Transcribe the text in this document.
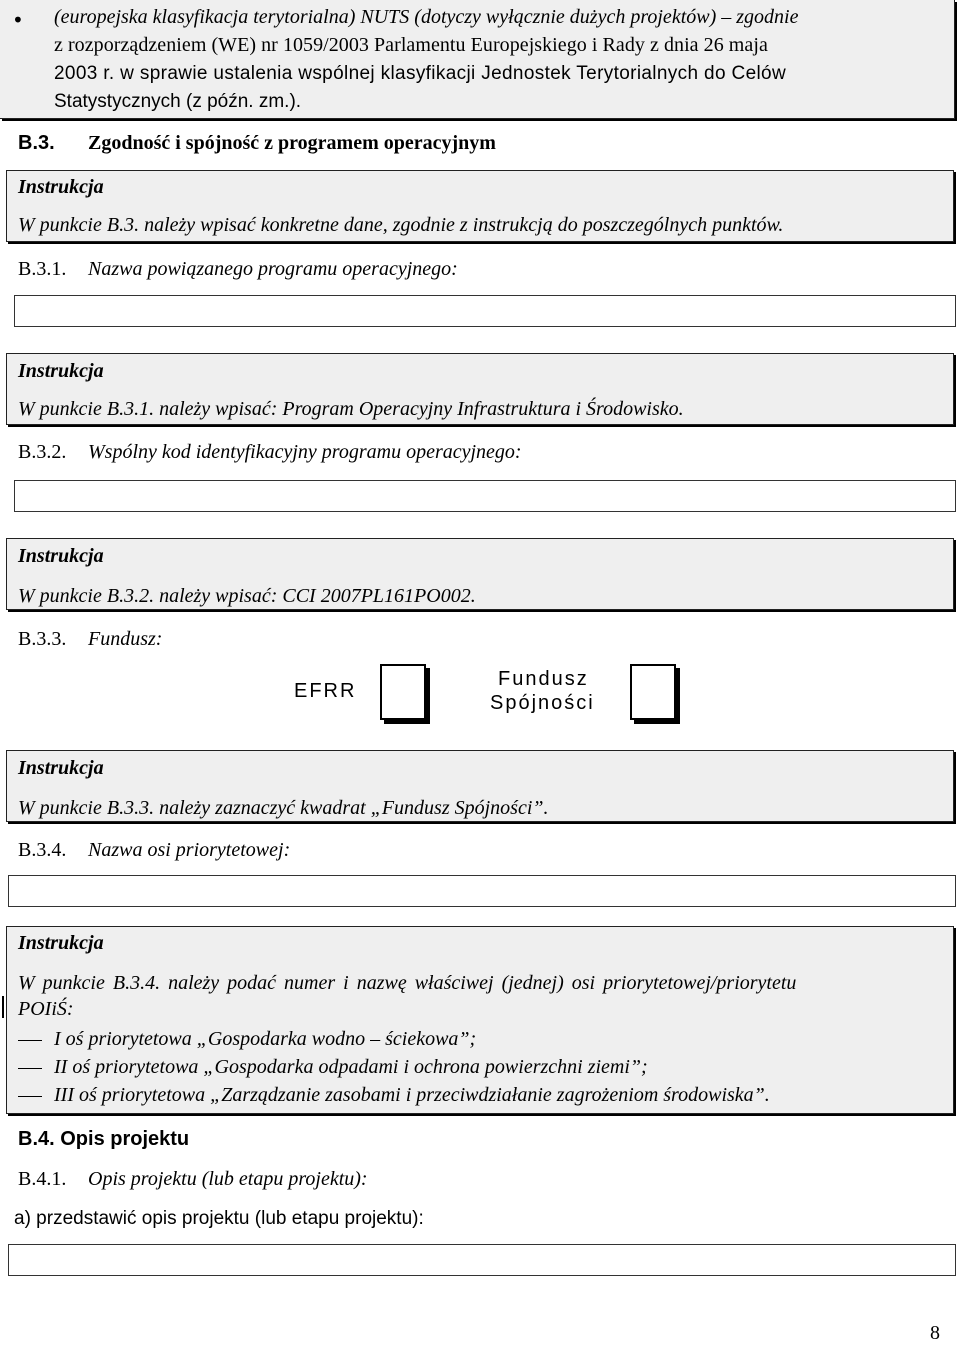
• (europejska klasyfikacja terytorialna) NUTS (dotyczy wyłącznie dużych projektów) – zgodnie
z rozporządzeniem (WE) nr 1059/2003 Parlamentu Europejskiego i Rady z dnia 26 maja
2003 r. w sprawie ustalenia wspólnej klasyfikacji Jednostek Terytorialnych do Celów
Statystycznych (z późn. zm.).
B.3. Zgodność i spójność z programem operacyjnym
Instrukcja
W punkcie B.3. należy wpisać konkretne dane, zgodnie z instrukcją do poszczególnych punktów.
B.3.1. Nazwa powiązanego programu operacyjnego:
Instrukcja
W punkcie B.3.1. należy wpisać: Program Operacyjny Infrastruktura i Środowisko.
B.3.2. Wspólny kod identyfikacyjny programu operacyjnego:
Instrukcja
W punkcie B.3.2. należy wpisać: CCI 2007PL161PO002.
B.3.3. Fundusz:
EFRR
Fundusz
Spójności
Instrukcja
W punkcie B.3.3. należy zaznaczyć kwadrat „Fundusz Spójności”.
B.3.4. Nazwa osi priorytetowej:
Instrukcja
W punkcie B.3.4. należy podać numer i nazwę właściwej (jednej) osi priorytetowej/priorytetu
POIiŚ:
I oś priorytetowa „Gospodarka wodno – ściekowa”;
II oś priorytetowa „Gospodarka odpadami i ochrona powierzchni ziemi”;
III oś priorytetowa „Zarządzanie zasobami i przeciwdziałanie zagrożeniom środowiska”.
B.4. Opis projektu
B.4.1. Opis projektu (lub etapu projektu):
a) przedstawić opis projektu (lub etapu projektu):
8
